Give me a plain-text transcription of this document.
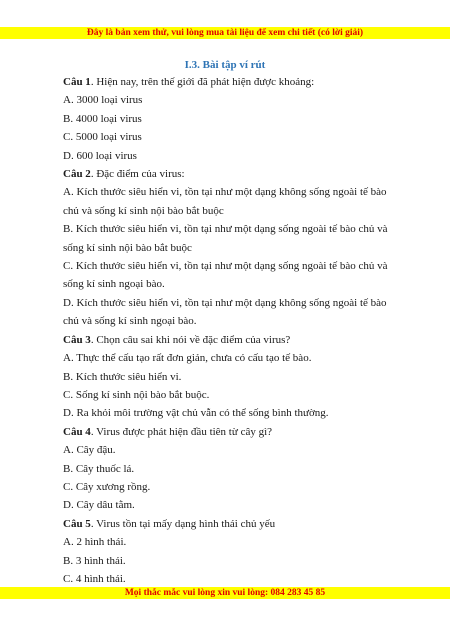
Đây là bản xem thử, vui lòng mua tài liệu để xem chi tiết (có lời giải)
I.3. Bài tập ví rút
Câu 1. Hiện nay, trên thế giới đã phát hiện được khoảng:
A. 3000 loại virus
B. 4000 loại virus
C. 5000 loại virus
D. 600 loại virus
Câu 2. Đặc điểm của virus:
A. Kích thước siêu hiển vi, tồn tại như một dạng không sống ngoài tế bào
chủ và sống kí sinh nội bào bắt buộc
B. Kích thước siêu hiển vi, tồn tại như một dạng sống ngoài tế bào chủ và
sống kí sinh nội bào bắt buộc
C. Kích thước siêu hiển vi, tồn tại như một dạng sống ngoài tế bào chủ và
sống kí sinh ngoại bào.
D. Kích thước siêu hiển vi, tồn tại như một dạng không sống ngoài tế bào
chủ và sống kí sinh ngoại bào.
Câu 3. Chọn câu sai khi nói về đặc điểm của virus?
A. Thực thể cấu tạo rất đơn giản, chưa có cấu tạo tế bào.
B. Kích thước siêu hiển vi.
C. Sống kí sinh nội bào bắt buộc.
D. Ra khỏi môi trường vật chủ vẫn có thể sống bình thường.
Câu 4. Virus được phát hiện đầu tiên từ cây gì?
A. Cây đậu.
B. Cây thuốc lá.
C. Cây xương rồng.
D. Cây dâu tằm.
Câu 5. Virus tồn tại mấy dạng hình thái chủ yếu
A. 2 hình thái.
B. 3 hình thái.
C. 4 hình thái.
Mọi thắc mắc vui lòng xin vui lòng: 084 283 45 85
